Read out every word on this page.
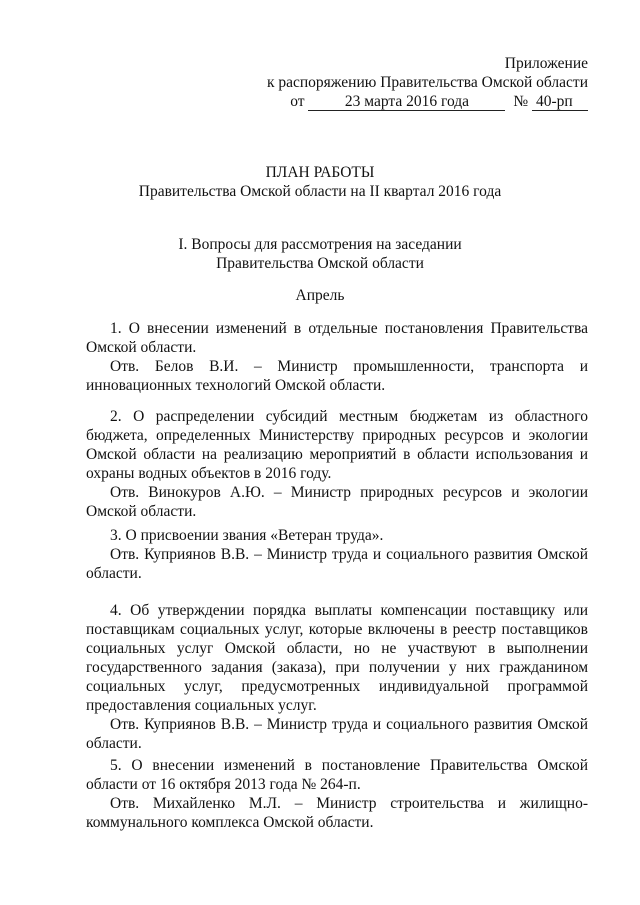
Приложение
к распоряжению Правительства Омской области
от	23 марта 2016 года	№ 40-рп
ПЛАН РАБОТЫ
Правительства Омской области на II квартал 2016 года
I. Вопросы для рассмотрения на заседании
Правительства Омской области
Апрель

1. О внесении изменений в отдельные постановления Правительства Омской области.

Отв. Белов В.И. – Министр промышленности, транспорта и инновационных технологий Омской области.

2. О распределении субсидий местным бюджетам из областного бюджета, определенных Министерству природных ресурсов и экологии Омской области на реализацию мероприятий в области использования и охраны водных объектов в 2016 году.

Отв. Винокуров А.Ю. – Министр природных ресурсов и экологии Омской области.

3. О присвоении звания «Ветеран труда».

Отв. Куприянов В.В. – Министр труда и социального развития Омской области.

4. Об утверждении порядка выплаты компенсации поставщику или поставщикам социальных услуг, которые включены в реестр поставщиков социальных услуг Омской области, но не участвуют в выполнении государственного задания (заказа), при получении у них гражданином социальных услуг, предусмотренных индивидуальной программой предоставления социальных услуг.

Отв. Куприянов В.В. – Министр труда и социального развития Омской области.

5. О внесении изменений в постановление Правительства Омской области от 16 октября 2013 года № 264-п.

Отв. Михайленко М.Л. – Министр строительства и жилищно-коммунального комплекса Омской области.
